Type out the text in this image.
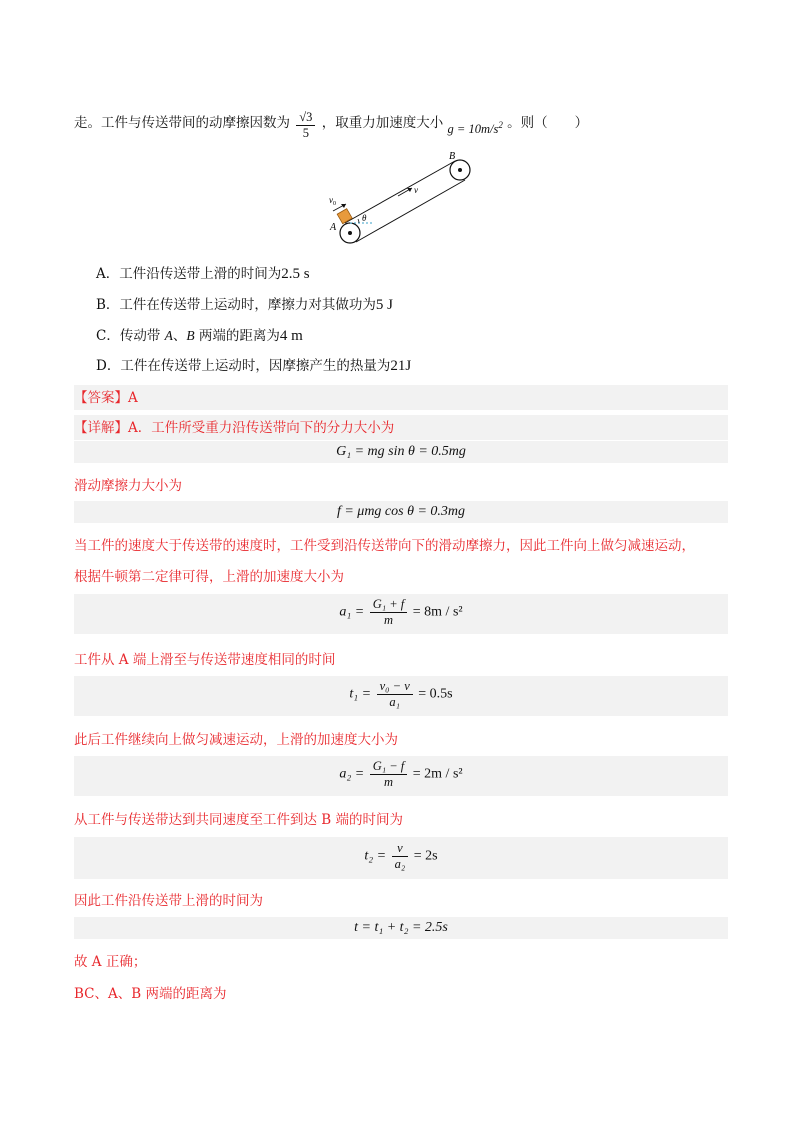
走。工件与传送带间的动摩擦因数为 $\frac{√3}{5}$ ，取重力加速度大小 $g = 10m/s^2$ 。则（　　）
B
A
$v_0$
v
θ
A．工件沿传送带上滑的时间为2.5 s
B．工件在传送带上运动时，摩擦力对其做功为5 J
C．传动带 A、B 两端的距离为4 m
D．工件在传送带上运动时，因摩擦产生的热量为21J
【答案】A
【详解】A．工件所受重力沿传送带向下的分力大小为
G₁ = mg sin θ = 0.5mg
滑动摩擦力大小为
f = μmg cos θ = 0.3mg
当工件的速度大于传送带的速度时，工件受到沿传送带向下的滑动摩擦力，因此工件向上做匀减速运动，
根据牛顿第二定律可得，上滑的加速度大小为
$a_1 = \frac{\text{G₁ + f}}{m} = 8m / s^2$
工件从 A 端上滑至与传送带速度相同的时间
$t_1 = \frac{\text{v₀ − v}}{\text{a₁}} = 0.5s$
此后工件继续向上做匀减速运动，上滑的加速度大小为
$a_2 = \frac{\text{G₁ − f}}{m} = 2m / s^2$
从工件与传送带达到共同速度至工件到达 B 端的时间为
$t_2 = \frac{v}{\text{a₂}} = 2s$
因此工件沿传送带上滑的时间为
t = t₁ + t₂ = 2.5s
故 A 正确；
BC、A、B 两端的距离为
